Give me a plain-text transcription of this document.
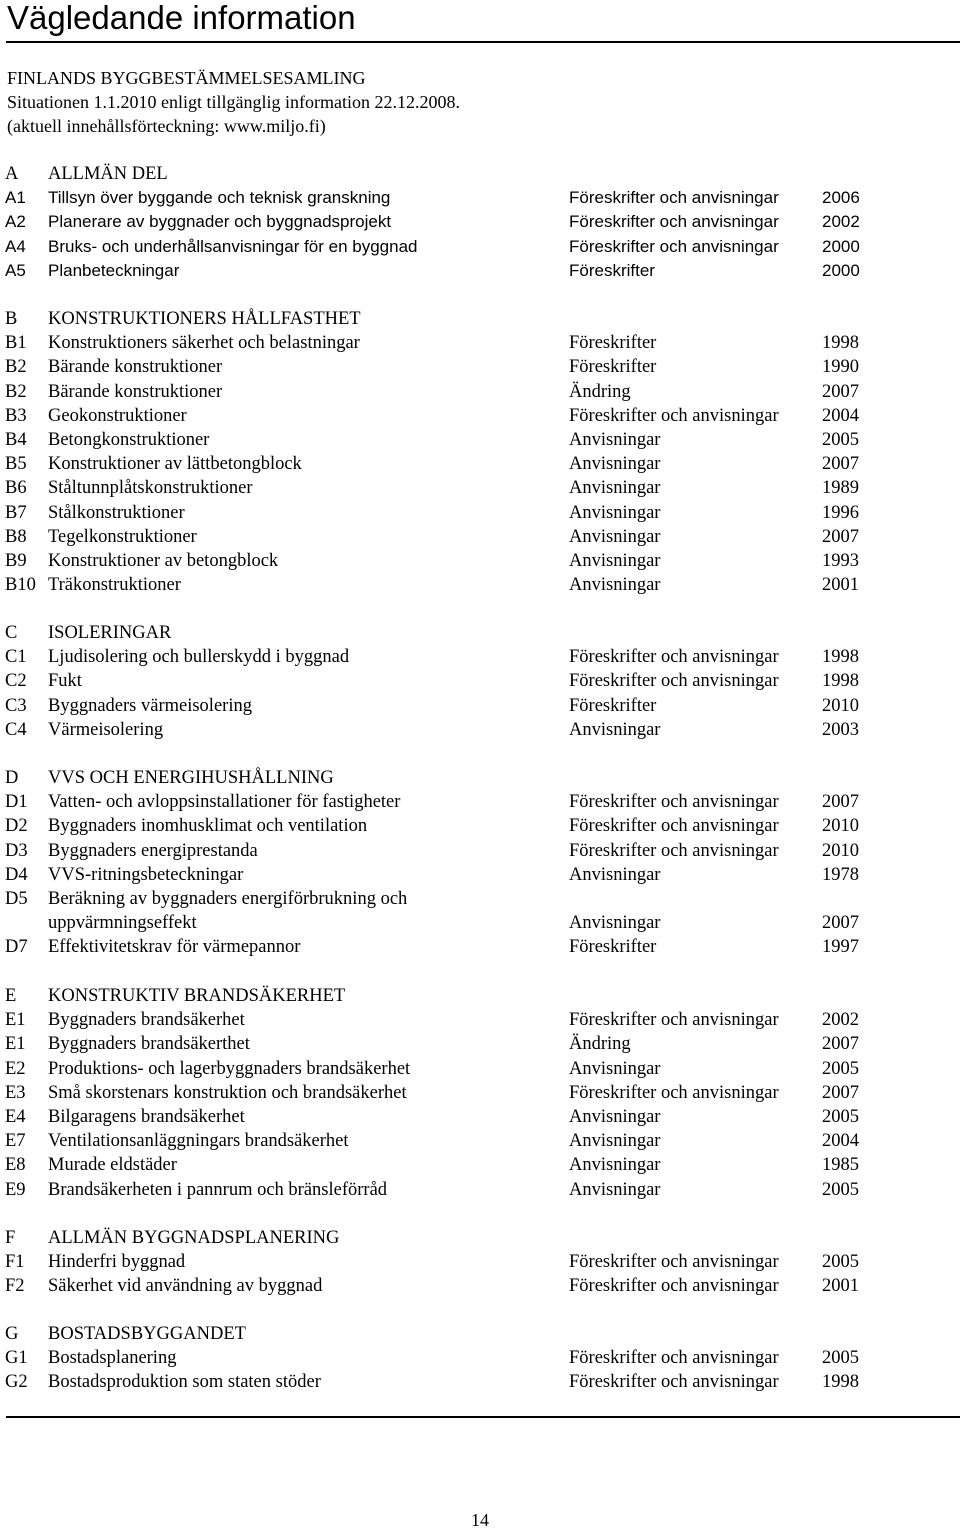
Vägledande information
FINLANDS BYGGBESTÄMMELSESAMLING
Situationen 1.1.2010 enligt tillgänglig information 22.12.2008.
(aktuell innehållsförteckning: www.miljo.fi)
A ALLMÄN DEL
A1 Tillsyn över byggande och teknisk granskning	Föreskrifter och anvisningar	2006
A2 Planerare av byggnader och byggnadsprojekt	Föreskrifter och anvisningar	2002
A4 Bruks- och underhållsanvisningar för en byggnad	Föreskrifter och anvisningar	2000
A5 Planbeteckningar	Föreskrifter	2000
B KONSTRUKTIONERS HÅLLFASTHET
B1 Konstruktioners säkerhet och belastningar	Föreskrifter	1998
B2 Bärande konstruktioner	Föreskrifter	1990
B2 Bärande konstruktioner	Ändring	2007
B3 Geokonstruktioner	Föreskrifter och anvisningar 2004
B4 Betongkonstruktioner	Anvisningar	2005
B5 Konstruktioner av lättbetongblock	Anvisningar	2007
B6 Ståltunnplåtskonstruktioner	Anvisningar	1989
B7 Stålkonstruktioner	Anvisningar	1996
B8 Tegelkonstruktioner	Anvisningar	2007
B9 Konstruktioner av betongblock	Anvisningar	1993
B10 Träkonstruktioner	Anvisningar	2001
C ISOLERINGAR
C1 Ljudisolering och bullerskydd i byggnad	Föreskrifter och anvisningar 1998
C2 Fukt	Föreskrifter och anvisningar 1998
C3 Byggnaders värmeisolering	Föreskrifter	2010
C4 Värmeisolering	Anvisningar	2003
D VVS OCH ENERGIHUSHÅLLNING
D1 Vatten- och avloppsinstallationer för fastigheter	Föreskrifter och anvisningar 2007
D2 Byggnaders inomhusklimat och ventilation	Föreskrifter och anvisningar 2010
D3 Byggnaders energiprestanda	Föreskrifter och anvisningar 2010
D4 VVS-ritningsbeteckningar	Anvisningar	1978
D5 Beräkning av byggnaders energiförbrukning och
uppvärmningseffekt	Anvisningar	2007
D7 Effektivitetskrav för värmepannor	Föreskrifter	1997
E KONSTRUKTIV BRANDSÄKERHET
E1 Byggnaders brandsäkerhet	Föreskrifter och anvisningar 2002
E1 Byggnaders brandsäkerthet	Ändring	2007
E2 Produktions- och lagerbyggnaders brandsäkerhet	Anvisningar	2005
E3 Små skorstenars konstruktion och brandsäkerhet	Föreskrifter och anvisningar 2007
E4 Bilgaragens brandsäkerhet	Anvisningar	2005
E7 Ventilationsanläggningars brandsäkerhet	Anvisningar	2004
E8 Murade eldstäder	Anvisningar	1985
E9 Brandsäkerheten i pannrum och bränsleförråd	Anvisningar	2005
F ALLMÄN BYGGNADSPLANERING
F1 Hinderfri byggnad	Föreskrifter och anvisningar 2005
F2 Säkerhet vid användning av byggnad	Föreskrifter och anvisningar 2001
G BOSTADSBYGGANDET
G1 Bostadsplanering	Föreskrifter och anvisningar 2005
G2 Bostadsproduktion som staten stöder	Föreskrifter och anvisningar 1998
14
